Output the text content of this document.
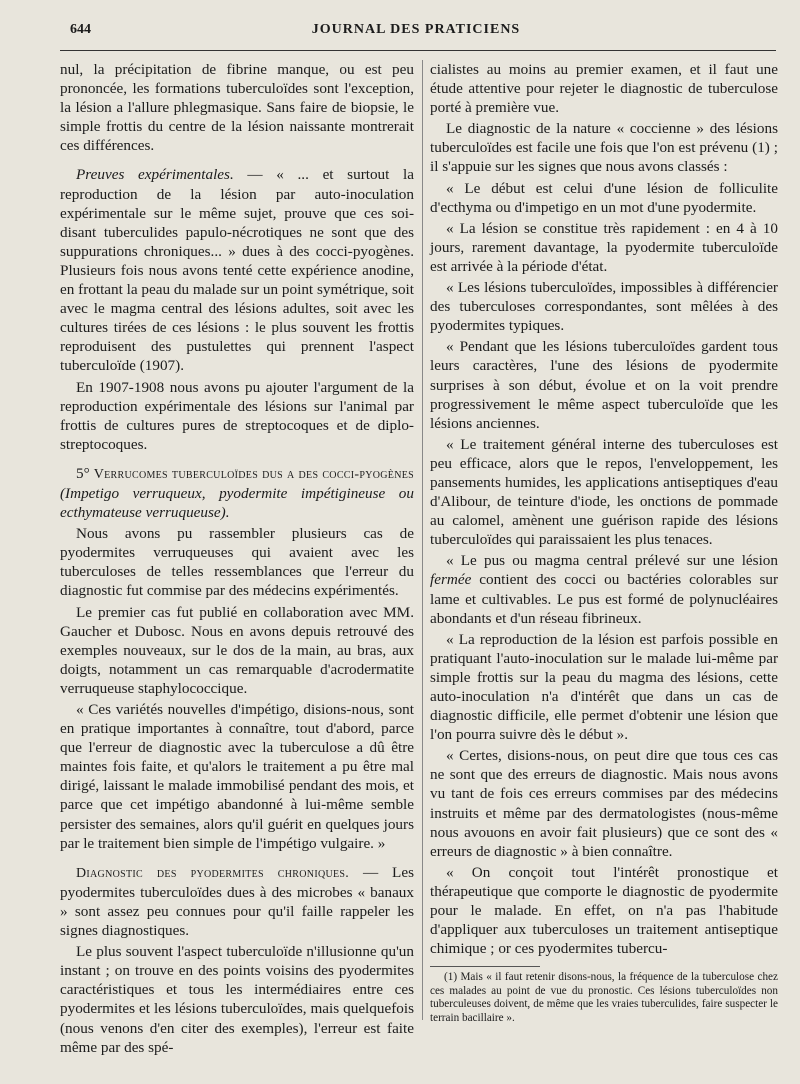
644	JOURNAL DES PRATICIENS

nul, la précipitation de fibrine manque, ou est peu prononcée, les formations tuberculoïdes sont l'exception, la lésion a l'allure phlegmasique. Sans faire de biopsie, le simple frottis du centre de la lésion naissante montrerait ces différences.

Preuves expérimentales. — « ... et surtout la reproduction de la lésion par auto-inoculation expérimentale sur le même sujet, prouve que ces soi-disant tuberculides papulo-nécrotiques ne sont que des suppurations chroniques... » dues à des cocci-pyogènes. Plusieurs fois nous avons tenté cette expérience anodine, en frottant la peau du malade sur un point symétrique, soit avec le magma central des lésions adultes, soit avec les cultures tirées de ces lésions : le plus souvent les frottis reproduisent des pustulettes qui prennent l'aspect tuberculoïde (1907).

En 1907-1908 nous avons pu ajouter l'argument de la reproduction expérimentale des lésions sur l'animal par frottis de cultures pures de streptocoques et de diplo-streptocoques.

5° Verrucomes tuberculoïdes dus a des cocci-pyogènes (Impetigo verruqueux, pyodermite impétigineuse ou ecthymateuse verruqueuse).

Nous avons pu rassembler plusieurs cas de pyodermites verruqueuses qui avaient avec les tuberculoses de telles ressemblances que l'erreur du diagnostic fut commise par des médecins expérimentés.

Le premier cas fut publié en collaboration avec MM. Gaucher et Dubosc. Nous en avons depuis retrouvé des exemples nouveaux, sur le dos de la main, au bras, aux doigts, notamment un cas remarquable d'acrodermatite verruqueuse staphylococcique.

« Ces variétés nouvelles d'impétigo, disions-nous, sont en pratique importantes à connaître, tout d'abord, parce que l'erreur de diagnostic avec la tuberculose a dû être maintes fois faite, et qu'alors le traitement a pu être mal dirigé, laissant le malade immobilisé pendant des mois, et parce que cet impétigo abandonné à lui-même semble persister des semaines, alors qu'il guérit en quelques jours par le traitement bien simple de l'impétigo vulgaire. »

Diagnostic des pyodermites chroniques. — Les pyodermites tuberculoïdes dues à des microbes « banaux » sont assez peu connues pour qu'il faille rappeler les signes diagnostiques.

Le plus souvent l'aspect tuberculoïde n'illusionne qu'un instant ; on trouve en des points voisins des pyodermites caractéristiques et tous les intermédiaires entre ces pyodermites et les lésions tuberculoïdes, mais quelquefois (nous venons d'en citer des exemples), l'erreur est faite même par des spé-

cialistes au moins au premier examen, et il faut une étude attentive pour rejeter le diagnostic de tuberculose porté à première vue.

Le diagnostic de la nature « coccienne » des lésions tuberculoïdes est facile une fois que l'on est prévenu (1) ; il s'appuie sur les signes que nous avons classés :

« Le début est celui d'une lésion de folliculite d'ecthyma ou d'impetigo en un mot d'une pyodermite.

« La lésion se constitue très rapidement : en 4 à 10 jours, rarement davantage, la pyodermite tuberculoïde est arrivée à la période d'état.

« Les lésions tuberculoïdes, impossibles à différencier des tuberculoses correspondantes, sont mêlées à des pyodermites typiques.

« Pendant que les lésions tuberculoïdes gardent tous leurs caractères, l'une des lésions de pyodermite surprises à son début, évolue et on la voit prendre progressivement le même aspect tuberculoïde que les lésions anciennes.

« Le traitement général interne des tuberculoses est peu efficace, alors que le repos, l'enveloppement, les pansements humides, les applications antiseptiques d'eau d'Alibour, de teinture d'iode, les onctions de pommade au calomel, amènent une guérison rapide des lésions tuberculoïdes qui paraissaient les plus tenaces.

« Le pus ou magma central prélevé sur une lésion fermée contient des cocci ou bactéries colorables sur lame et cultivables. Le pus est formé de polynucléaires abondants et d'un réseau fibrineux.

« La reproduction de la lésion est parfois possible en pratiquant l'auto-inoculation sur le malade lui-même par simple frottis sur la peau du magma des lésions, cette auto-inoculation n'a d'intérêt que dans un cas de diagnostic difficile, elle permet d'obtenir une lésion que l'on pourra suivre dès le début ».

« Certes, disions-nous, on peut dire que tous ces cas ne sont que des erreurs de diagnostic. Mais nous avons vu tant de fois ces erreurs commises par des médecins instruits et même par des dermatologistes (nous-même nous avouons en avoir fait plusieurs) que ce sont des « erreurs de diagnostic » à bien connaître.

« On conçoit tout l'intérêt pronostique et thérapeutique que comporte le diagnostic de pyodermite pour le malade. En effet, on n'a pas l'habitude d'appliquer aux tuberculoses un traitement antiseptique chimique ; or ces pyodermites tubercu-

(1) Mais « il faut retenir disons-nous, la fréquence de la tuberculose chez ces malades au point de vue du pronostic. Ces lésions tuberculoïdes non tuberculeuses doivent, de même que les vraies tuberculides, faire suspecter le terrain bacillaire ».
